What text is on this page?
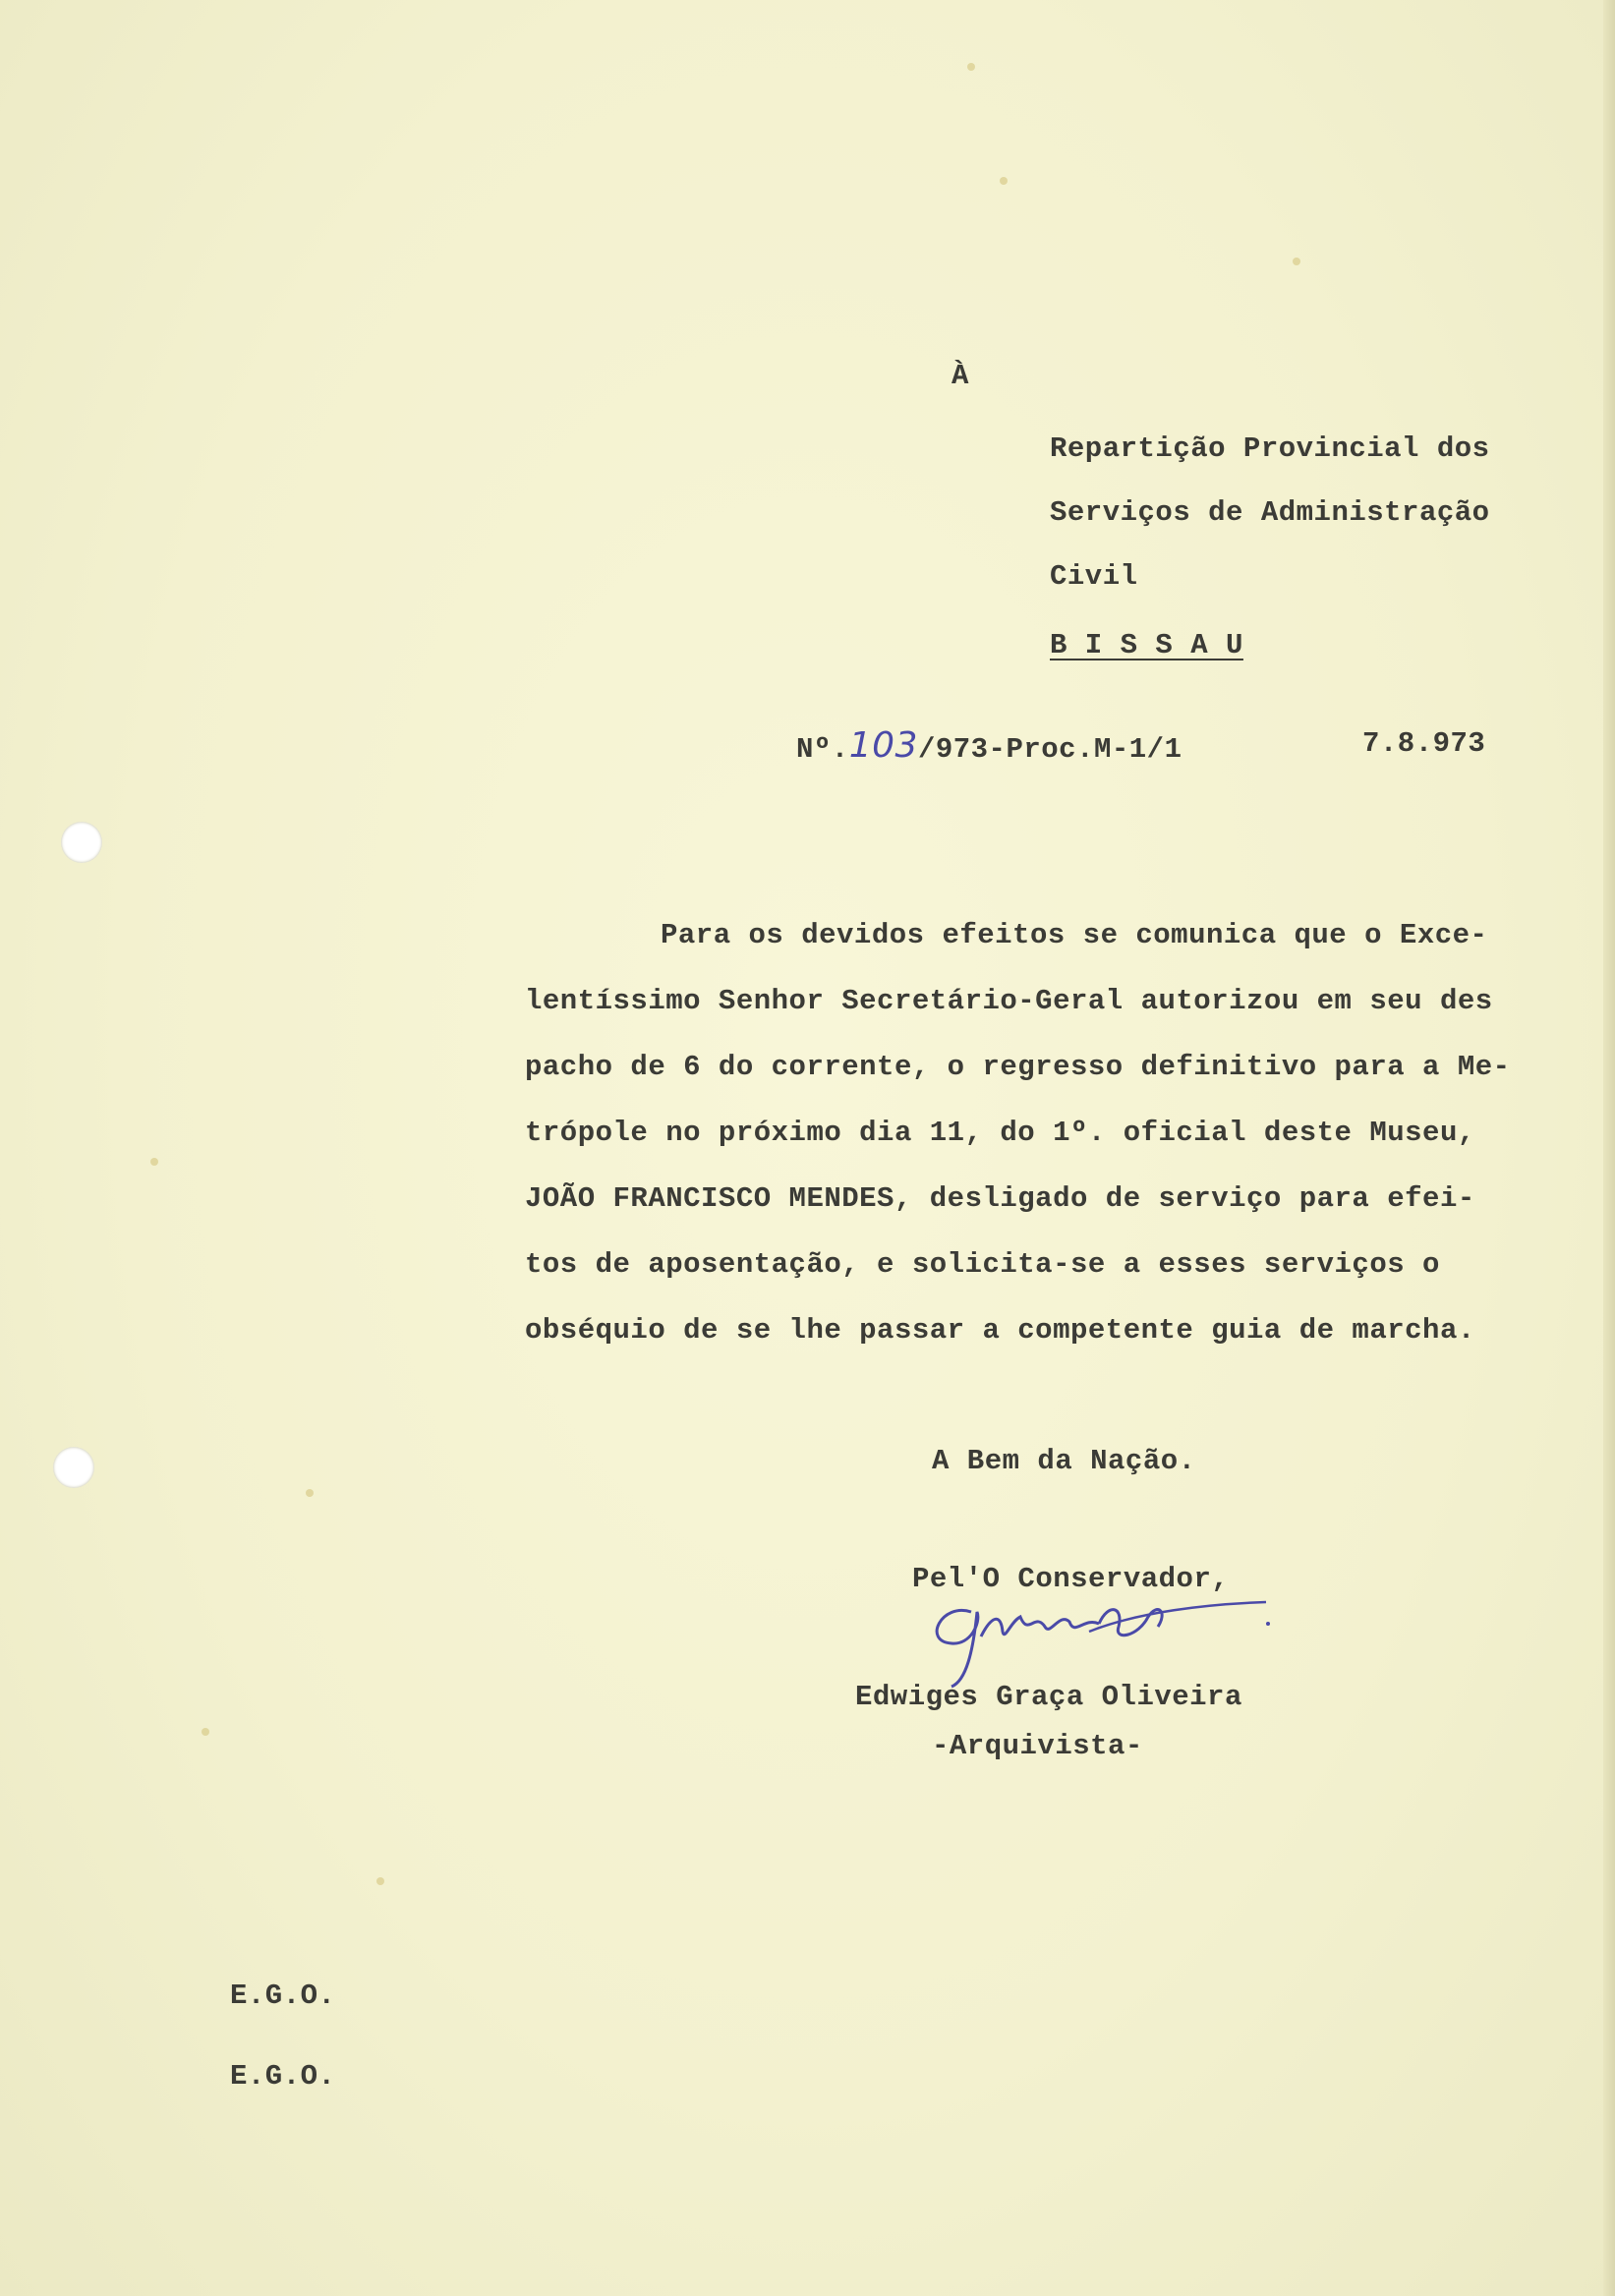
À
Repartição Provincial dos
Serviços de Administração
Civil
B I S S A U
Nº.103/973-Proc.M-1/1	7.8.973
Para os devidos efeitos se comunica que o Exce-
lentíssimo Senhor Secretário-Geral autorizou em seu des
pacho de 6 do corrente, o regresso definitivo para a Me-
trópole no próximo dia 11, do 1º. oficial deste Museu,
JOÃO FRANCISCO MENDES, desligado de serviço para efei-
tos de aposentação, e solicita-se a esses serviços o
obséquio de se lhe passar a competente guia de marcha.
A Bem da Nação.
Pel'O Conservador,
Edwiges Graça Oliveira
-Arquivista-
E.G.O.
E.G.O.
